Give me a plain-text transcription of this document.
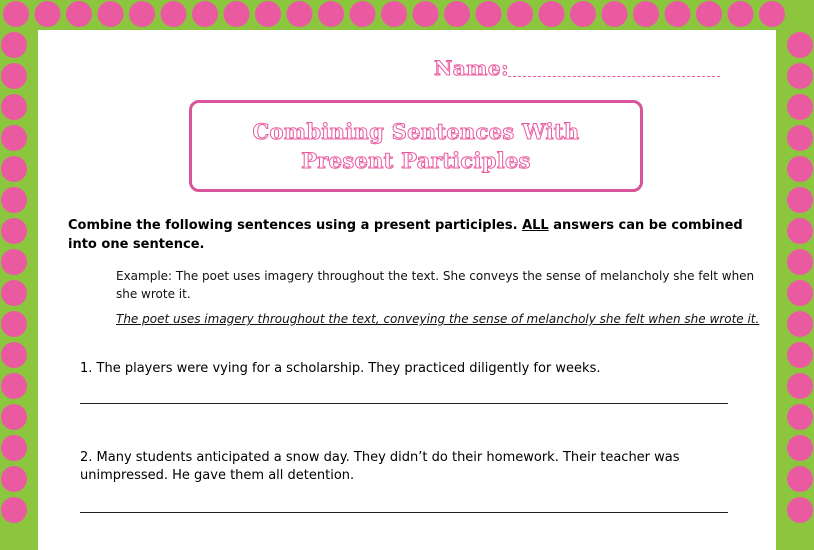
Name:
Combining Sentences With
Present Participles
Combine the following sentences using a present participles. ALL answers can be combined into one sentence.
Example: The poet uses imagery throughout the text. She conveys the sense of melancholy she felt when she wrote it.
The poet uses imagery throughout the text, conveying the sense of melancholy she felt when she wrote it.
1. The players were vying for a scholarship. They practiced diligently for weeks.
2. Many students anticipated a snow day. They didn’t do their homework. Their teacher was unimpressed. He gave them all detention.
